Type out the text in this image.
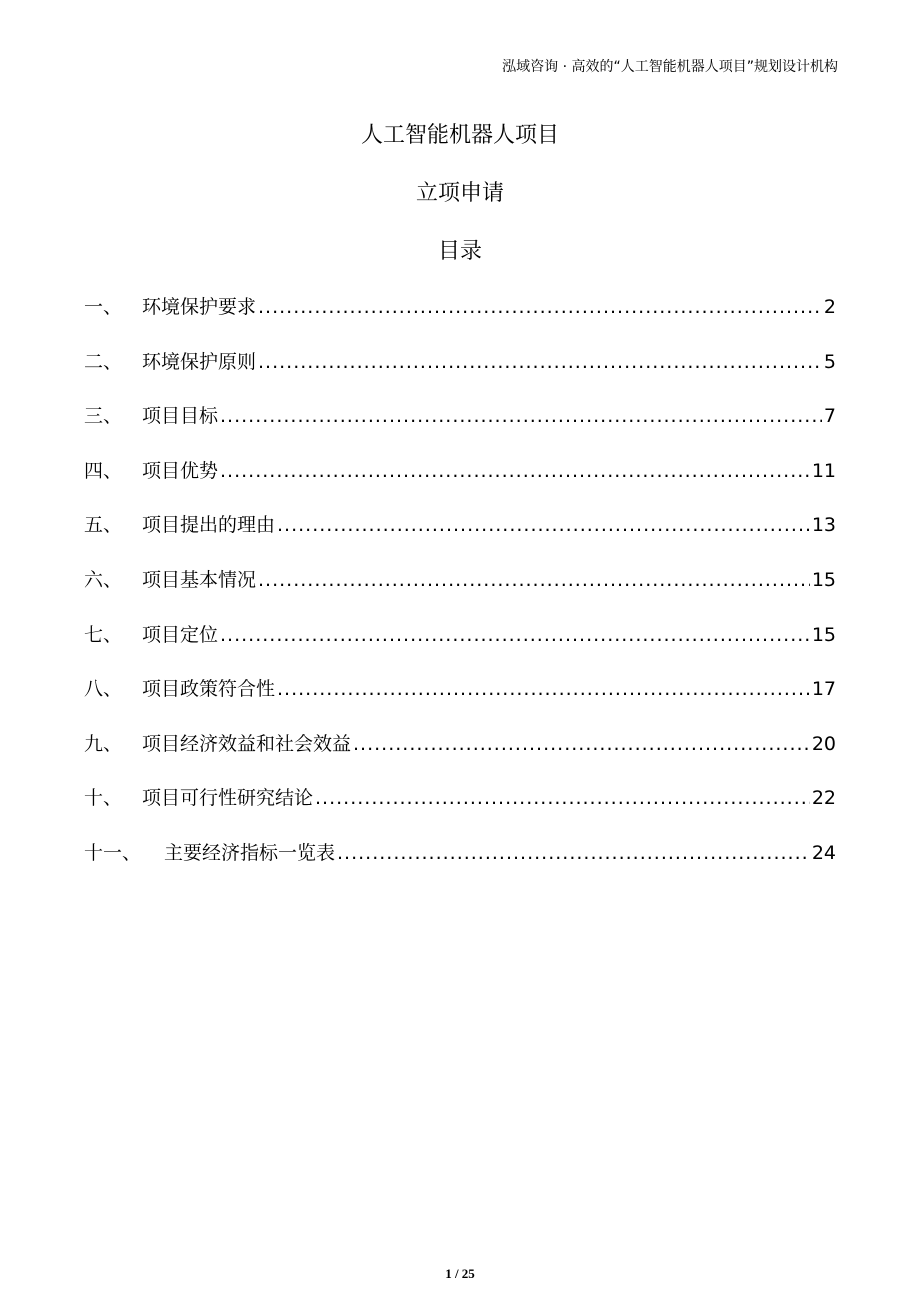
泓域咨询 · 高效的“人工智能机器人项目”规划设计机构
人工智能机器人项目
立项申请
目录
一、	环境保护要求 .....	2
二、	环境保护原则 .....	5
三、	项目目标 .....	7
四、	项目优势 .....	11
五、	项目提出的理由 .....	13
六、	项目基本情况 .....	15
七、	项目定位 .....	15
八、	项目政策符合性 .....	17
九、	项目经济效益和社会效益 .....	20
十、	项目可行性研究结论 .....	22
十一、	主要经济指标一览表 .....	24
1 / 25
